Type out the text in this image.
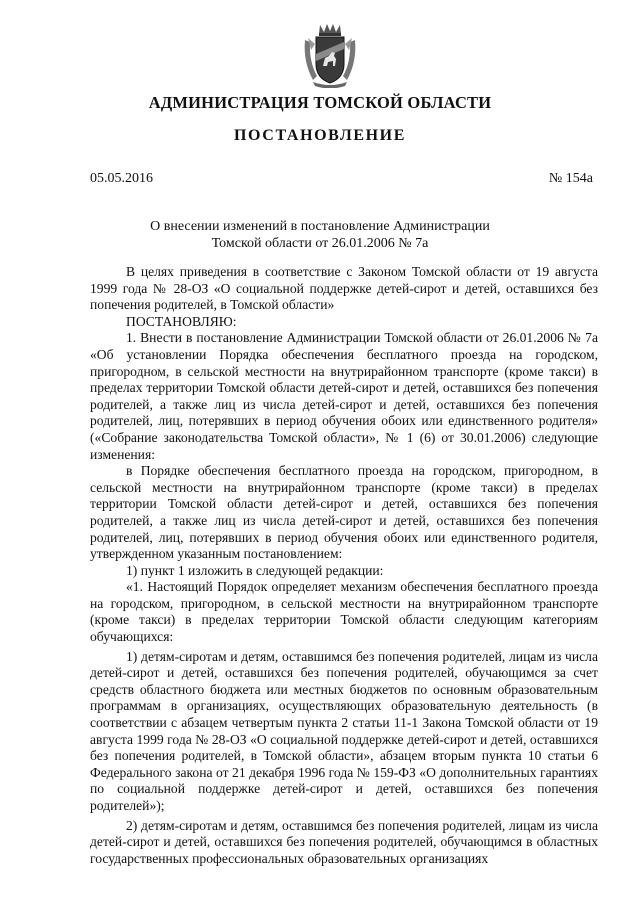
АДМИНИСТРАЦИЯ ТОМСКОЙ ОБЛАСТИ
ПОСТАНОВЛЕНИЕ
05.05.2016	№ 154а
О внесении изменений в постановление Администрации
Томской области от 26.01.2006 № 7а

В целях приведения в соответствие с Законом Томской области от 19 августа 1999 года № 28-ОЗ «О социальной поддержке детей-сирот и детей, оставшихся без попечения родителей, в Томской области»

ПОСТАНОВЛЯЮ:

1. Внести в постановление Администрации Томской области от 26.01.2006 № 7а «Об установлении Порядка обеспечения бесплатного проезда на городском, пригородном, в сельской местности на внутрирайонном транспорте (кроме такси) в пределах территории Томской области детей-сирот и детей, оставшихся без попечения родителей, а также лиц из числа детей-сирот и детей, оставшихся без попечения родителей, лиц, потерявших в период обучения обоих или единственного родителя» («Собрание законодательства Томской области», № 1 (6) от 30.01.2006) следующие изменения:

в Порядке обеспечения бесплатного проезда на городском, пригородном, в сельской местности на внутрирайонном транспорте (кроме такси) в пределах территории Томской области детей-сирот и детей, оставшихся без попечения родителей, а также лиц из числа детей-сирот и детей, оставшихся без попечения родителей, лиц, потерявших в период обучения обоих или единственного родителя, утвержденном указанным постановлением:

1) пункт 1 изложить в следующей редакции:

«1. Настоящий Порядок определяет механизм обеспечения бесплатного проезда на городском, пригородном, в сельской местности на внутрирайонном транспорте (кроме такси) в пределах территории Томской области следующим категориям обучающихся:

1) детям-сиротам и детям, оставшимся без попечения родителей, лицам из числа детей-сирот и детей, оставшихся без попечения родителей, обучающимся за счет средств областного бюджета или местных бюджетов по основным образовательным программам в организациях, осуществляющих образовательную деятельность (в соответствии с абзацем четвертым пункта 2 статьи 11-1 Закона Томской области от 19 августа 1999 года № 28-ОЗ «О социальной поддержке детей-сирот и детей, оставшихся без попечения родителей, в Томской области», абзацем вторым пункта 10 статьи 6 Федерального закона от 21 декабря 1996 года № 159-ФЗ «О дополнительных гарантиях по социальной поддержке детей-сирот и детей, оставшихся без попечения родителей»);

2) детям-сиротам и детям, оставшимся без попечения родителей, лицам из числа детей-сирот и детей, оставшихся без попечения родителей, обучающимся в областных государственных профессиональных образовательных организациях
